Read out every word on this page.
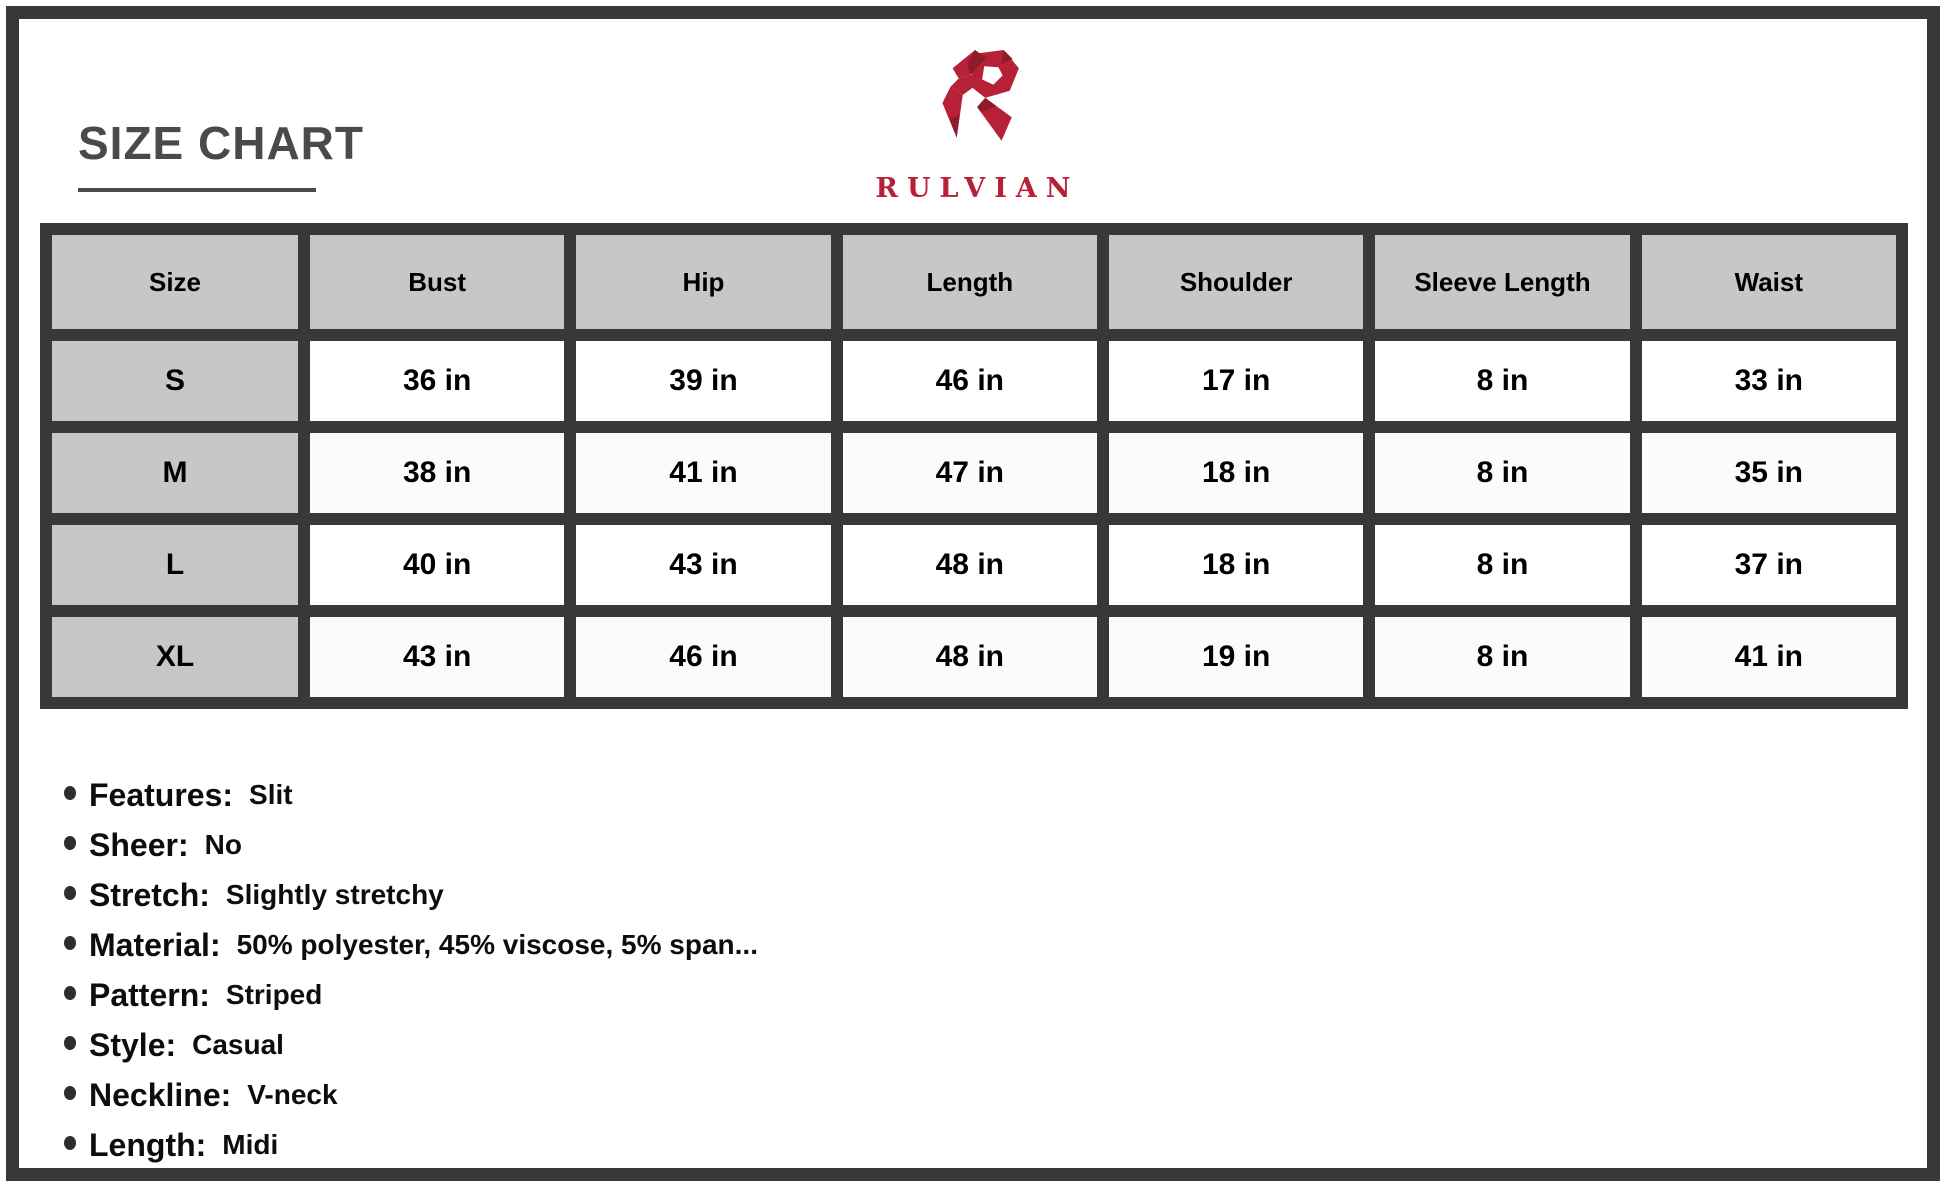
SIZE CHART
RULVIAN
Size	Bust	Hip	Length	Shoulder	Sleeve Length	Waist
S	36 in	39 in	46 in	17 in	8 in	33 in
M	38 in	41 in	47 in	18 in	8 in	35 in
L	40 in	43 in	48 in	18 in	8 in	37 in
XL	43 in	46 in	48 in	19 in	8 in	41 in
Features: Slit
Sheer: No
Stretch: Slightly stretchy
Material: 50% polyester, 45% viscose, 5% span...
Pattern: Striped
Style: Casual
Neckline: V-neck
Length: Midi
